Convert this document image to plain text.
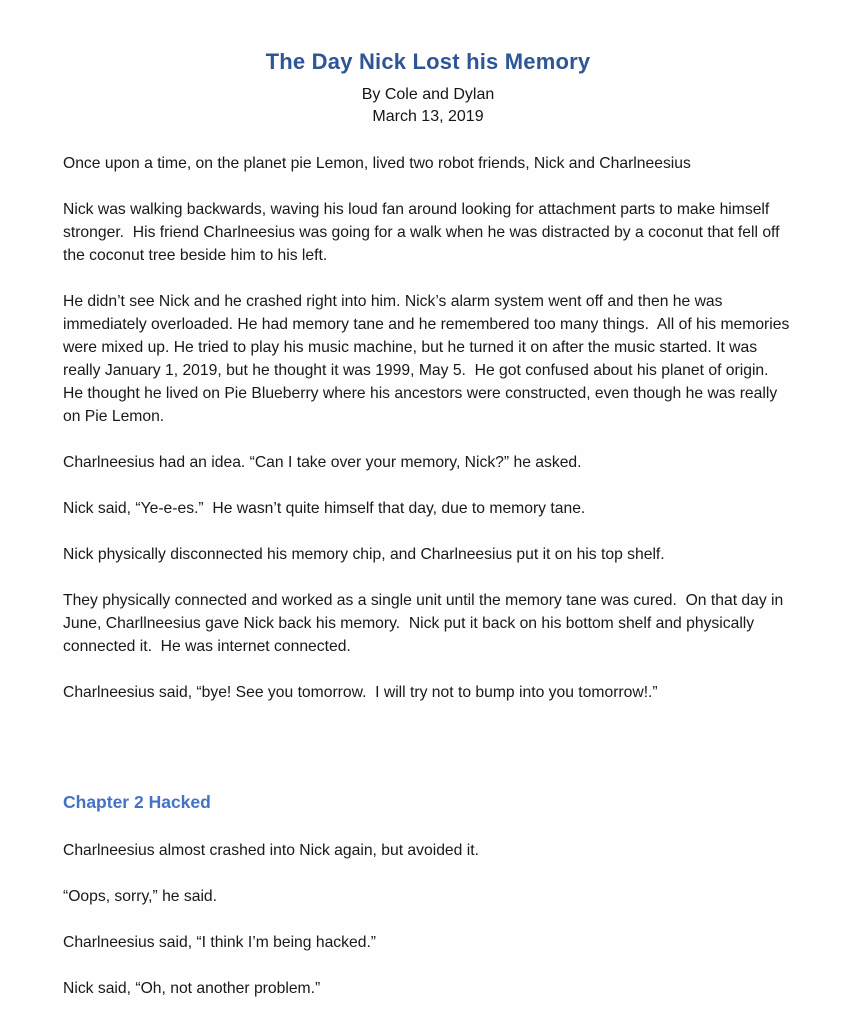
The Day Nick Lost his Memory
By Cole and Dylan
March 13, 2019

Once upon a time, on the planet pie Lemon, lived two robot friends, Nick and Charlneesius

Nick was walking backwards, waving his loud fan around looking for attachment parts to make himself stronger.  His friend Charlneesius was going for a walk when he was distracted by a coconut that fell off the coconut tree beside him to his left.

He didn’t see Nick and he crashed right into him. Nick’s alarm system went off and then he was immediately overloaded. He had memory tane and he remembered too many things.  All of his memories were mixed up. He tried to play his music machine, but he turned it on after the music started. It was really January 1, 2019, but he thought it was 1999, May 5.  He got confused about his planet of origin.  He thought he lived on Pie Blueberry where his ancestors were constructed, even though he was really on Pie Lemon.

Charlneesius had an idea. “Can I take over your memory, Nick?” he asked.

Nick said, “Ye-e-es.”  He wasn’t quite himself that day, due to memory tane.

Nick physically disconnected his memory chip, and Charlneesius put it on his top shelf.

They physically connected and worked as a single unit until the memory tane was cured.  On that day in June, Charllneesius gave Nick back his memory.  Nick put it back on his bottom shelf and physically connected it.  He was internet connected.

Charlneesius said, “bye! See you tomorrow.  I will try not to bump into you tomorrow!.”

Chapter 2 Hacked

Charlneesius almost crashed into Nick again, but avoided it.

“Oops, sorry,” he said.

Charlneesius said, “I think I’m being hacked.”

Nick said, “Oh, not another problem.”
